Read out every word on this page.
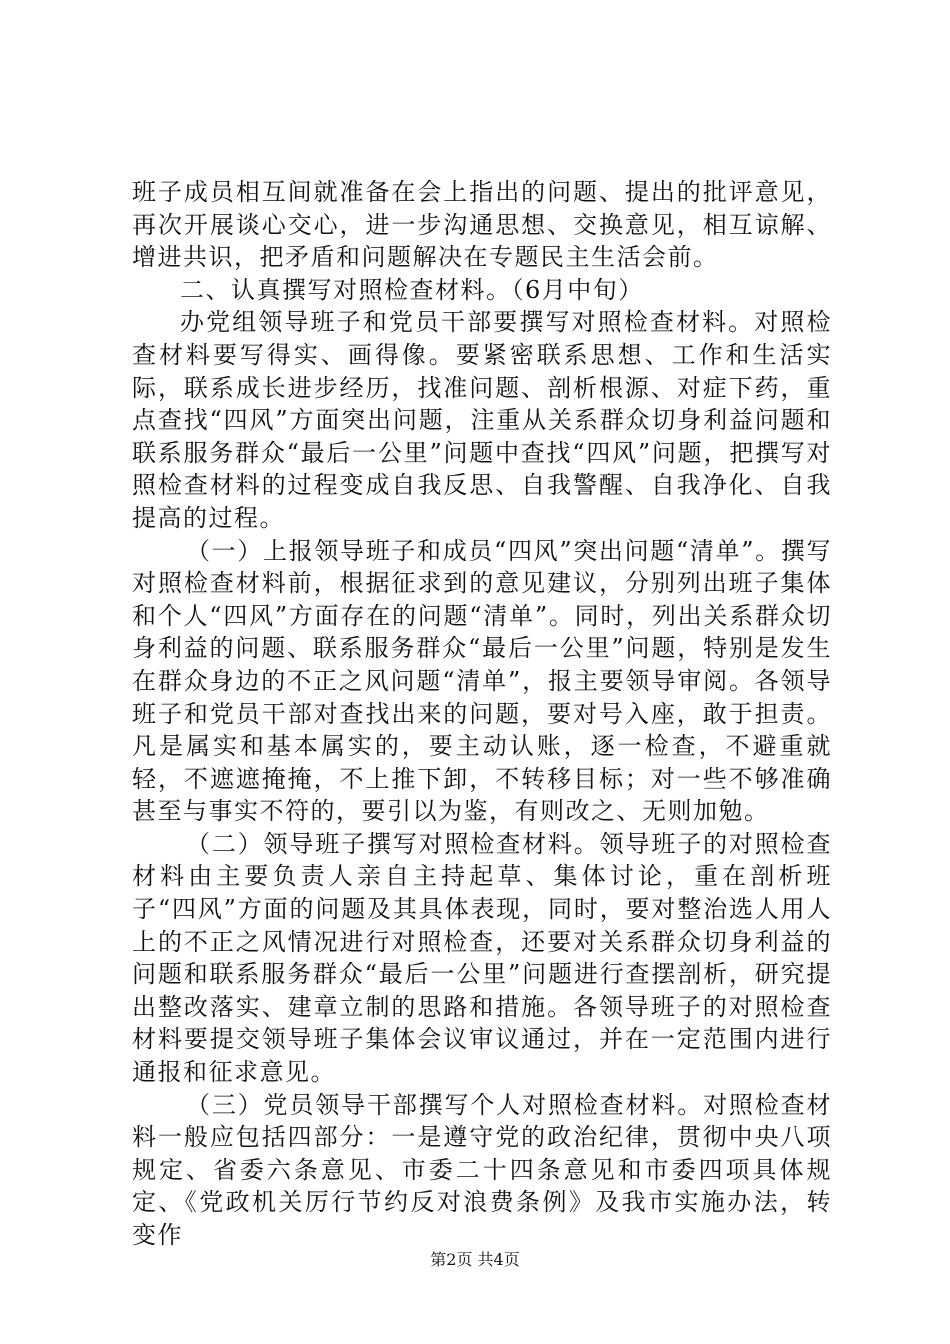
班子成员相互间就准备在会上指出的问题、提出的批评意见，再次开展谈心交心，进一步沟通思想、交换意见，相互谅解、增进共识，把矛盾和问题解决在专题民主生活会前。

二、认真撰写对照检查材料。（6月中旬）

办党组领导班子和党员干部要撰写对照检查材料。对照检查材料要写得实、画得像。要紧密联系思想、工作和生活实际，联系成长进步经历，找准问题、剖析根源、对症下药，重点查找“四风”方面突出问题，注重从关系群众切身利益问题和联系服务群众“最后一公里”问题中查找“四风”问题，把撰写对照检查材料的过程变成自我反思、自我警醒、自我净化、自我提高的过程。

（一）上报领导班子和成员“四风”突出问题“清单”。撰写对照检查材料前，根据征求到的意见建议，分别列出班子集体和个人“四风”方面存在的问题“清单”。同时，列出关系群众切身利益的问题、联系服务群众“最后一公里”问题，特别是发生在群众身边的不正之风问题“清单”，报主要领导审阅。各领导班子和党员干部对查找出来的问题，要对号入座，敢于担责。凡是属实和基本属实的，要主动认账，逐一检查，不避重就轻，不遮遮掩掩，不上推下卸，不转移目标；对一些不够准确甚至与事实不符的，要引以为鉴，有则改之、无则加勉。

（二）领导班子撰写对照检查材料。领导班子的对照检查材料由主要负责人亲自主持起草、集体讨论，重在剖析班子“四风”方面的问题及其具体表现，同时，要对整治选人用人上的不正之风情况进行对照检查，还要对关系群众切身利益的问题和联系服务群众“最后一公里”问题进行查摆剖析，研究提出整改落实、建章立制的思路和措施。各领导班子的对照检查材料要提交领导班子集体会议审议通过，并在一定范围内进行通报和征求意见。

（三）党员领导干部撰写个人对照检查材料。对照检查材料一般应包括四部分：一是遵守党的政治纪律，贯彻中央八项规定、省委六条意见、市委二十四条意见和市委四项具体规定、《党政机关厉行节约反对浪费条例》及我市实施办法，转变作

第2页 共4页
